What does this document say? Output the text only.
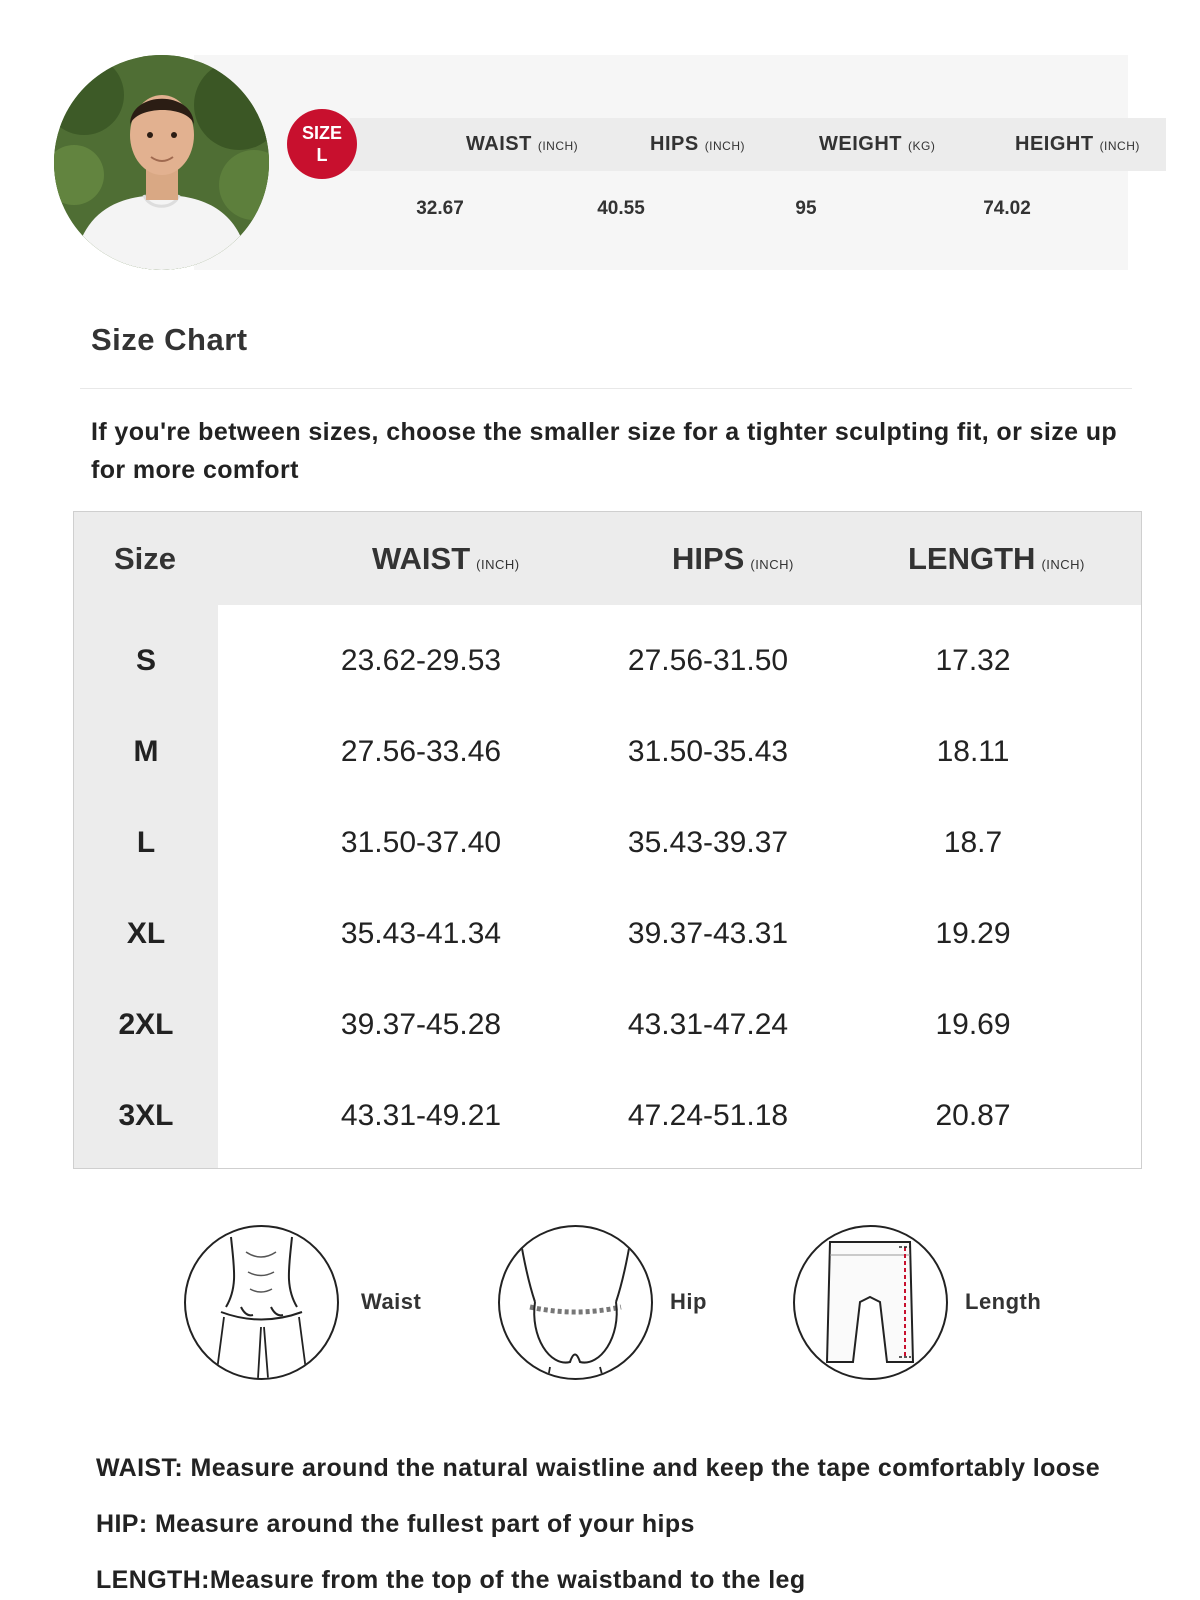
SIZE
L	WAIST (INCH)	HIPS (INCH)	WEIGHT (KG)	HEIGHT (INCH)
32.67	40.55	95	74.02
Size Chart
If you're between sizes, choose the smaller size for a tighter sculpting fit, or size up for more comfort
Size	WAIST (INCH)	HIPS (INCH)	LENGTH (INCH)
S	23.62-29.53	27.56-31.50	17.32
M	27.56-33.46	31.50-35.43	18.11
L	31.50-37.40	35.43-39.37	18.7
XL	35.43-41.34	39.37-43.31	19.29
2XL	39.37-45.28	43.31-47.24	19.69
3XL	43.31-49.21	47.24-51.18	20.87
Waist	Hip	Length
WAIST: Measure around the natural waistline and keep the tape comfortably loose
HIP: Measure around the fullest part of your hips
LENGTH:Measure from the top of the waistband to the leg
